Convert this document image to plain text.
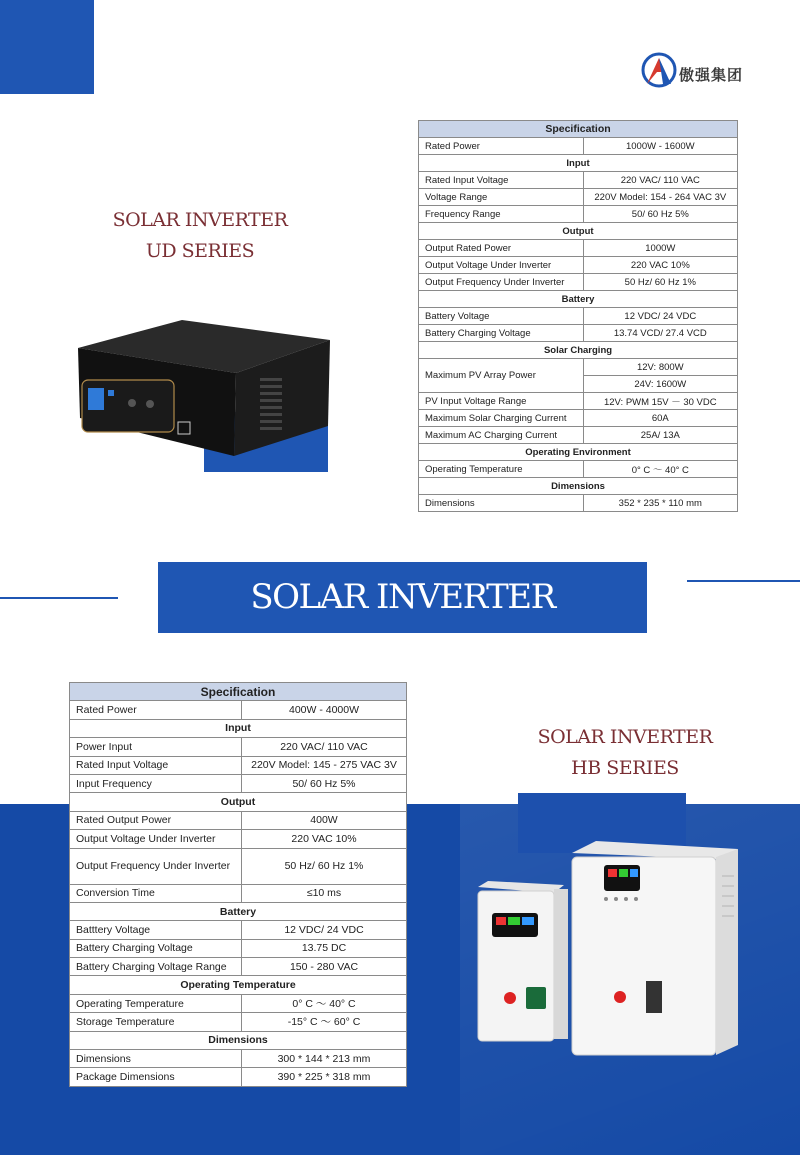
傲强集团
SOLAR INVERTER
UD SERIES
Specification	
Rated Power	1000W - 1600W
Input	
Rated Input Voltage	220 VAC/ 110 VAC
Voltage Range	220V Model: 154 - 264 VAC 3V
Frequency Range	50/ 60 Hz 5%
Output	
Output Rated Power	1000W
Output Voltage Under Inverter	220 VAC 10%
Output Frequency Under Inverter	50 Hz/ 60 Hz 1%
Battery	
Battery Voltage	12 VDC/ 24 VDC
Battery Charging Voltage	13.74 VCD/ 27.4 VCD
Solar Charging	
Maximum PV Array Power	12V: 800W
	24V: 1600W
PV Input Voltage Range	12V: PWM 15V － 30 VDC
Maximum Solar Charging Current	60A
Maximum AC Charging Current	25A/ 13A
Operating Environment	
Operating Temperature	0° C ～ 40° C
Dimensions	
Dimensions	352 * 235 * 110 mm
SOLAR INVERTER
SOLAR INVERTER
HB SERIES
Specification	
Rated Power	400W - 4000W
Input	
Power Input	220 VAC/ 110 VAC
Rated Input Voltage	220V Model: 145 - 275 VAC 3V
Input Frequency	50/ 60 Hz 5%
Output	
Rated Output Power	400W
Output Voltage Under Inverter	220 VAC 10%
Output Frequency Under Inverter	50 Hz/ 60 Hz 1%
Conversion Time	≤10 ms
Battery	
Batttery Voltage	12 VDC/ 24 VDC
Battery Charging Voltage	13.75 DC
Battery Charging Voltage Range	150 - 280 VAC
Operating Temperature	
Operating Temperature	0° C ～ 40° C
Storage Temperature	-15° C ～ 60° C
Dimensions	
Dimensions	300 * 144 * 213 mm
Package Dimensions	390 * 225 * 318 mm
